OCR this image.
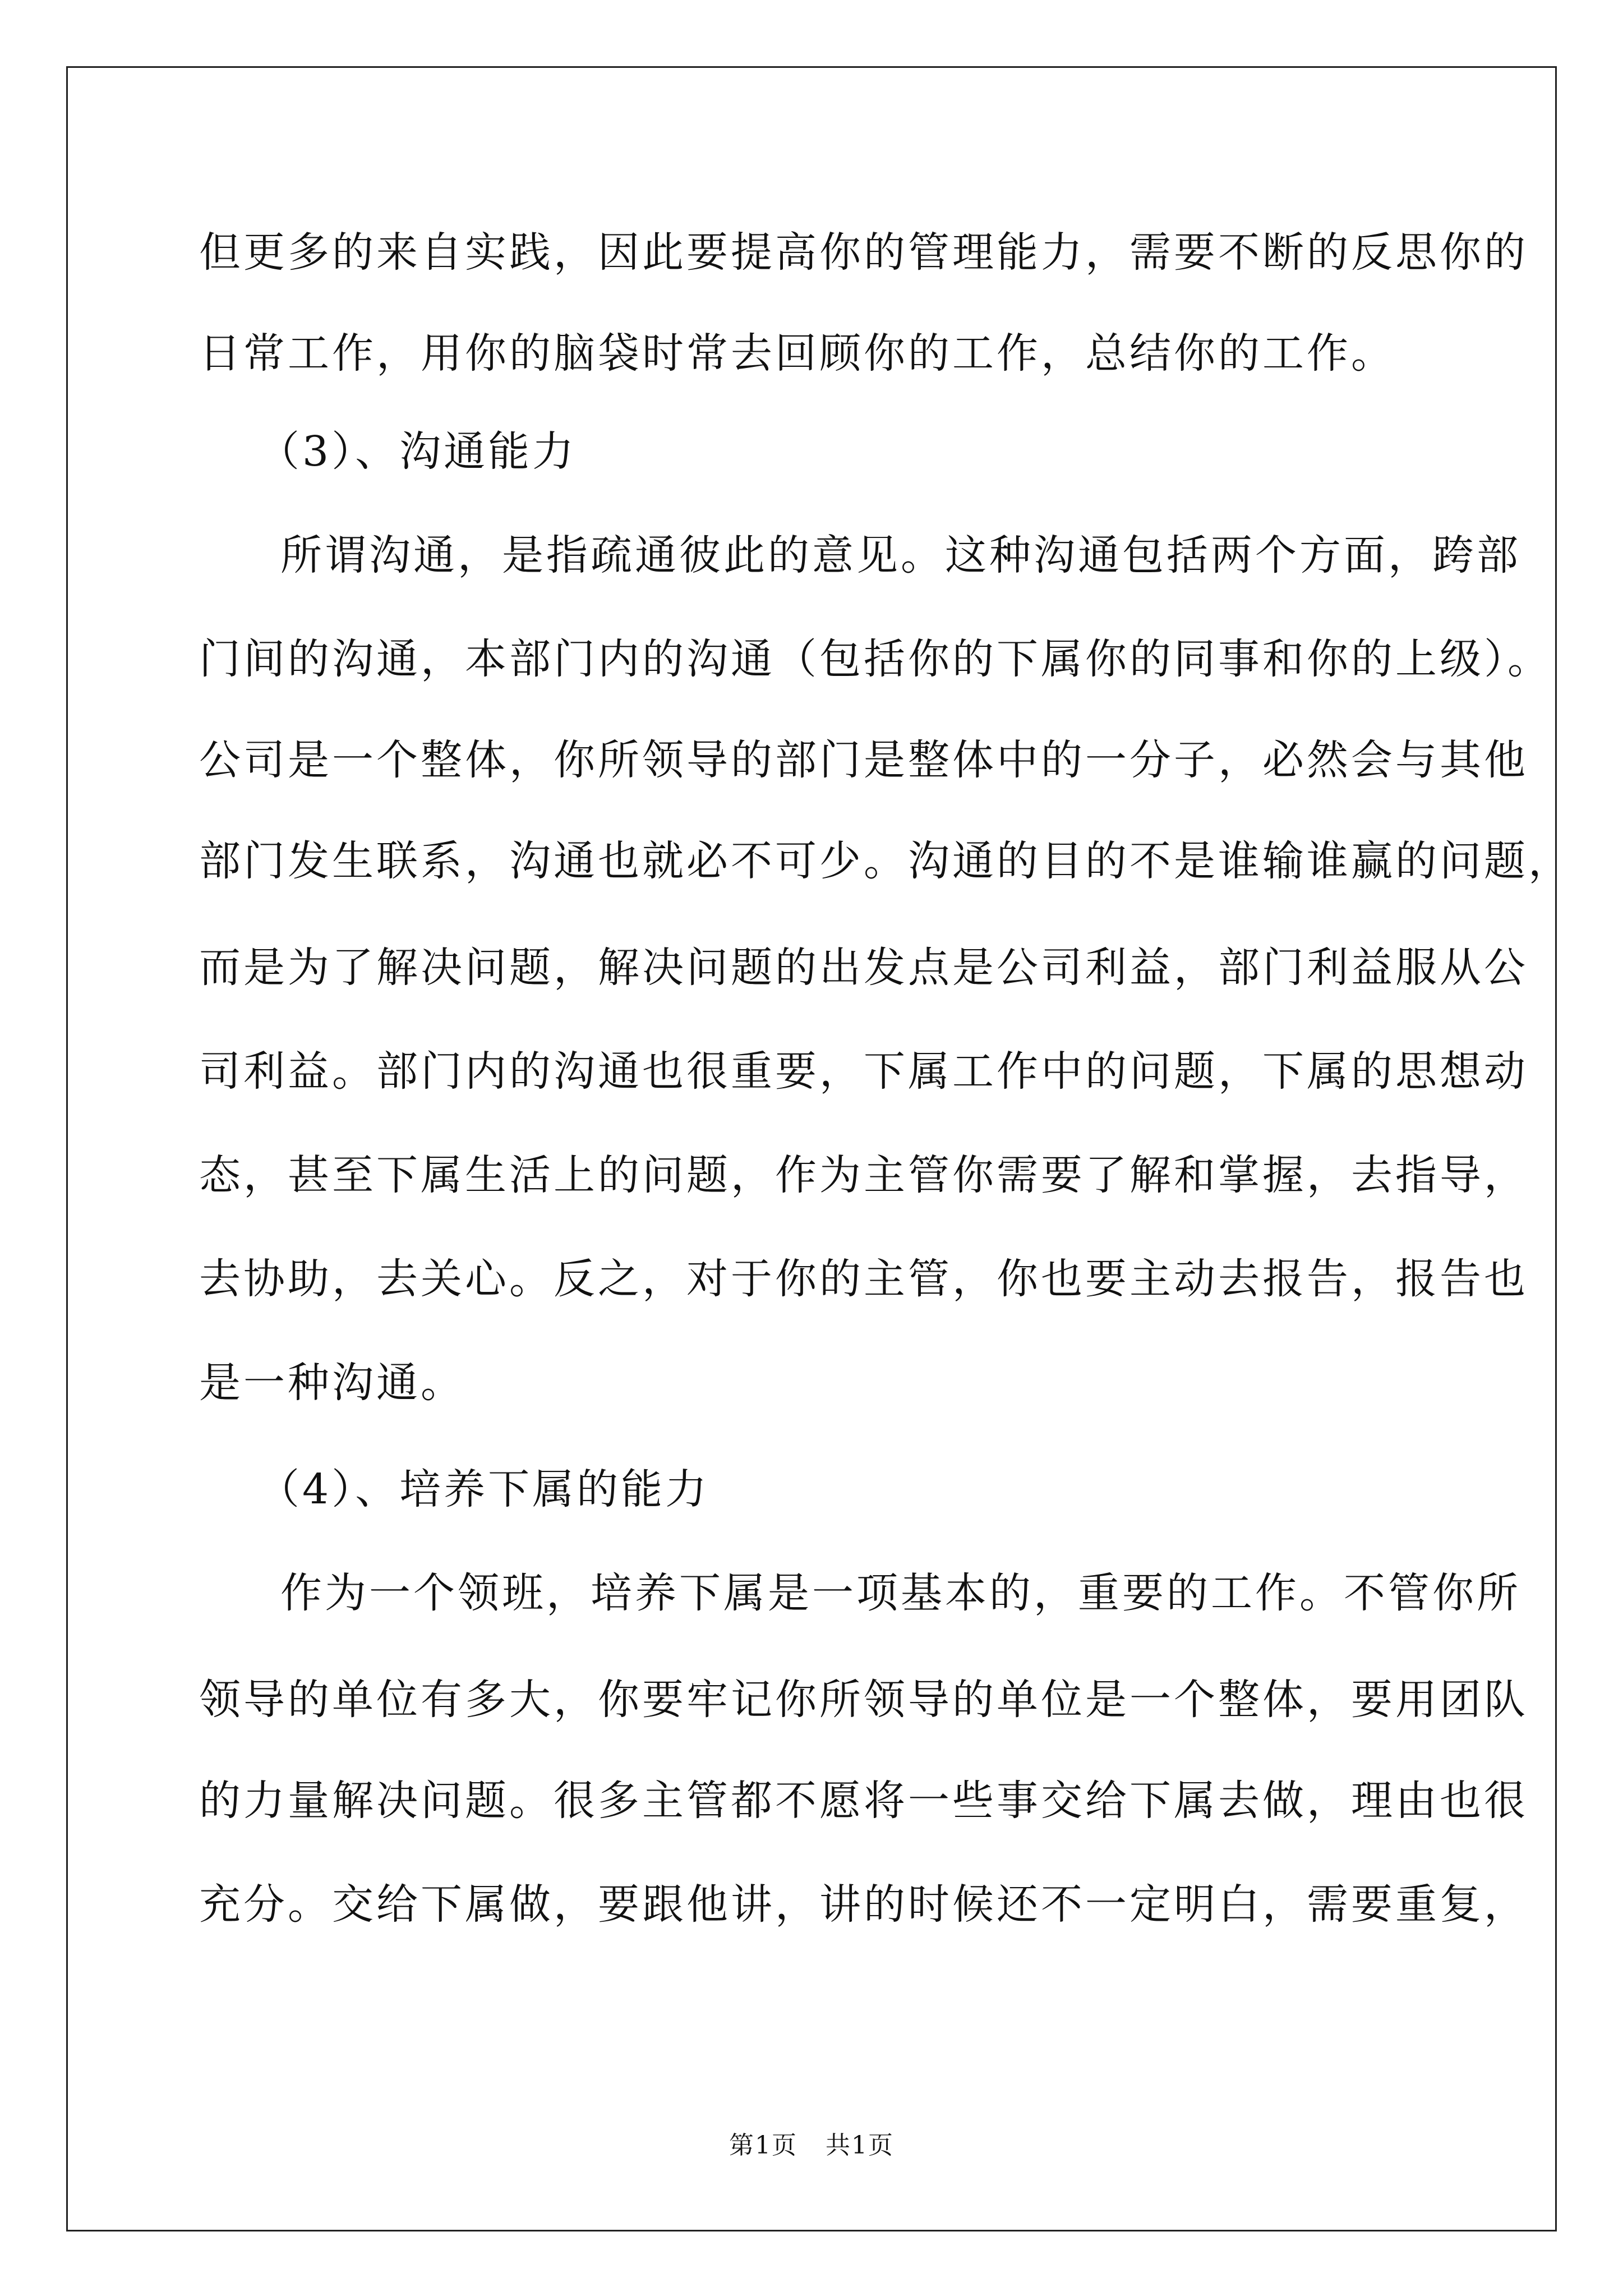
但更多的来自实践，因此要提高你的管理能力，需要不断的反思你的
日常工作，用你的脑袋时常去回顾你的工作，总结你的工作。
（3）、沟通能力
所谓沟通，是指疏通彼此的意见。这种沟通包括两个方面，跨部
门间的沟通，本部门内的沟通（包括你的下属你的同事和你的上级）。
公司是一个整体，你所领导的部门是整体中的一分子，必然会与其他
部门发生联系，沟通也就必不可少。沟通的目的不是谁输谁赢的问题，
而是为了解决问题，解决问题的出发点是公司利益，部门利益服从公
司利益。部门内的沟通也很重要，下属工作中的问题，下属的思想动
态，甚至下属生活上的问题，作为主管你需要了解和掌握，去指导，
去协助，去关心。反之，对于你的主管，你也要主动去报告，报告也
是一种沟通。
（4）、培养下属的能力
作为一个领班，培养下属是一项基本的，重要的工作。不管你所
领导的单位有多大，你要牢记你所领导的单位是一个整体，要用团队
的力量解决问题。很多主管都不愿将一些事交给下属去做，理由也很
充分。交给下属做，要跟他讲，讲的时候还不一定明白，需要重复，
第1页 共1页
